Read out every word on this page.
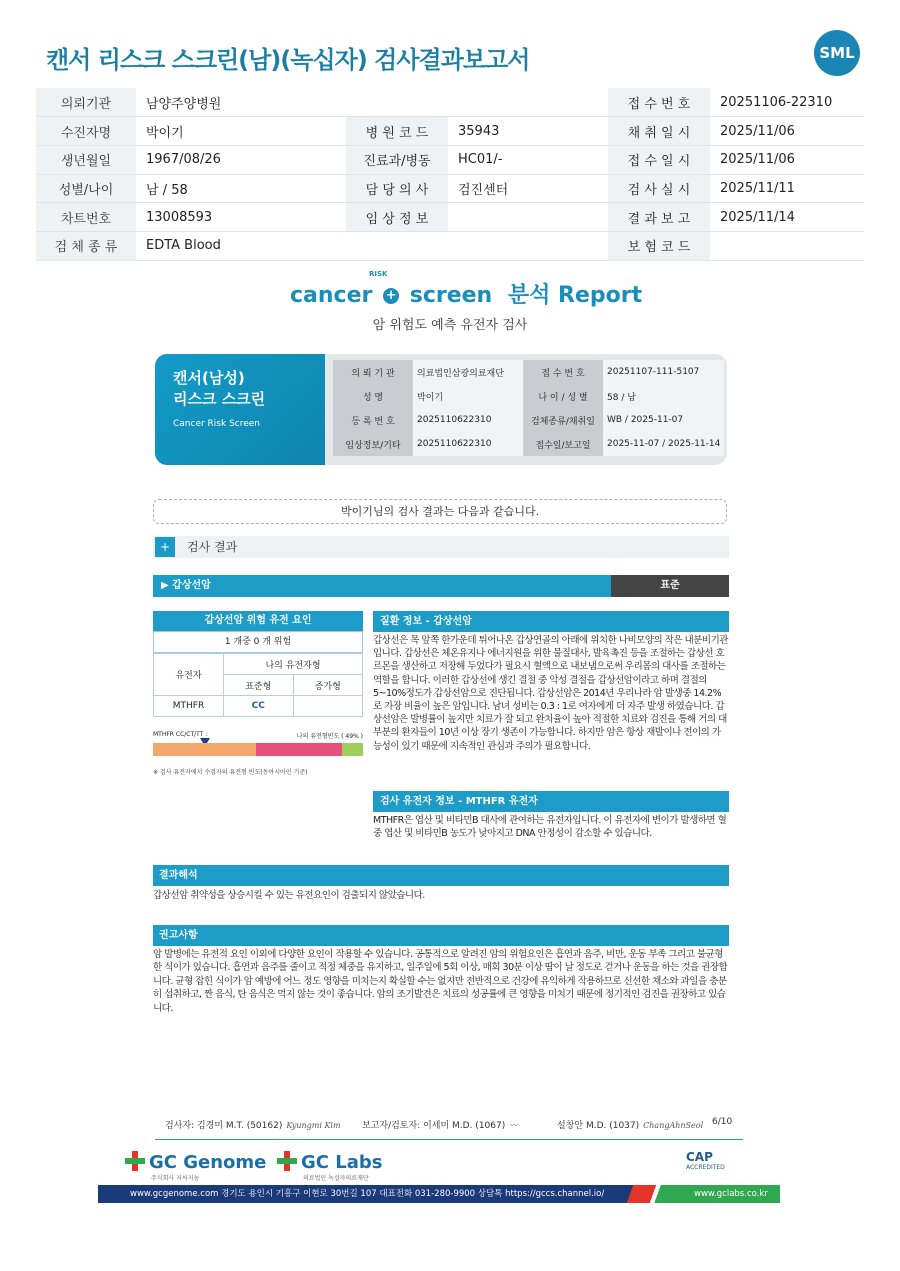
캔서 리스크 스크린(남)(녹십자) 검사결과보고서	SML
의뢰기관	남양주양병원			접 수 번 호	20251106-22310
수진자명	박이기	병 원 코 드	35943	채 취 일 시	2025/11/06
생년월일	1967/08/26	진료과/병동	HC01/-	접 수 일 시	2025/11/06
성별/나이	남 / 58	담 당 의 사	검진센터	검 사 실 시	2025/11/11
차트번호	13008593	임 상 정 보		결 과 보 고	2025/11/14
검 체 종 류	EDTA Blood			보 험 코 드	
cancer
RISK
+ screen 분석 Report
암 위험도 예측 유전자 검사
캔서(남성)
리스크 스크린
Cancer Risk Screen
의 뢰 기 관	의료법인삼광의료재단	접 수 번 호	20251107-111-5107
성 명	박이기	나 이 / 성 별	58 / 남
등 록 번 호	2025110622310	검체종류/채취일	WB / 2025-11-07
임상정보/기타	2025110622310	접수일/보고일	2025-11-07 / 2025-11-14
박이기님의 검사 결과는 다음과 같습니다.
+ 검사 결과
▶ 갑상선암	표준
갑상선암 위험 유전 요인
1 개중 0 개 위험
유전자	나의 유전자형	
	표준형	증가형
MTHFR	CC	
MTHFR CC/CT/TT :	나의 유전형빈도 ( 49% )
※ 검사 유전자에서 수검자의 유전형 빈도(동아시아인 기준)
질환 정보 - 갑상선암
갑상선은 목 앞쪽 한가운데 튀어나온 갑상연골의 아래에 위치한 나비모양의 작은 내분비기관입니다. 갑상선은 체온유지나 에너지원을 위한 물질대사, 발육촉진 등을 조절하는 갑상선 호르몬을 생산하고 저장해 두었다가 필요시 혈액으로 내보냄으로써 우리몸의 대사를 조절하는 역할을 합니다. 이러한 갑상선에 생긴 결절 중 악성 결절을 갑상선암이라고 하며 결절의 5~10%정도가 갑상선암으로 진단됩니다. 갑상선암은 2014년 우리나라 암 발생중 14.2%로 가장 비율이 높은 암입니다. 남녀 성비는 0.3 : 1로 여자에게 더 자주 발생 하였습니다. 갑상선암은 발병률이 높지만 치료가 잘 되고 완치율이 높아 적절한 치료와 검진을 통해 거의 대부분의 환자들이 10년 이상 장기 생존이 가능합니다. 하지만 암은 항상 재발이나 전이의 가능성이 있기 때문에 지속적인 관심과 주의가 필요합니다.
검사 유전자 정보 - MTHFR 유전자
MTHFR은 엽산 및 비타민B 대사에 관여하는 유전자입니다. 이 유전자에 변이가 발생하면 혈중 엽산 및 비타민B 농도가 낮아지고 DNA 안정성이 감소할 수 있습니다.
결과해석
갑상선암 취약성을 상승시킬 수 있는 유전요인이 검출되지 않았습니다.
권고사항
암 발병에는 유전적 요인 이외에 다양한 요인이 작용할 수 있습니다. 공통적으로 알려진 암의 위험요인은 흡연과 음주, 비만, 운동 부족 그리고 불균형한 식이가 있습니다. 흡연과 음주를 줄이고 적정 체중을 유지하고, 일주일에 5회 이상, 매회 30분 이상 땀이 날 정도로 걷거나 운동을 하는 것을 권장합니다. 균형 잡힌 식이가 암 예방에 어느 정도 영향을 미치는지 확실할 수는 없지만 전반적으로 건강에 유익하게 작용하므로 신선한 채소와 과일을 충분히 섭취하고, 짠 음식, 탄 음식은 먹지 않는 것이 좋습니다. 암의 조기발견은 치료의 성공률에 큰 영향을 미치기 때문에 정기적인 검진을 권장하고 있습니다.
검사자: 김경미 M.T. (50162) Kyungmi Kim 보고자/검토자: 이세미 M.D. (1067) 〰	설창안 M.D. (1037) ChangAhnSeol 6/10
GC Genome
주식회사 지씨지놈
GC Labs
의료법인 녹십자의료재단
CAP
ACCREDITED
www.gcgenome.com 경기도 용인시 기흥구 이현로 30번길 107 대표전화 031-280-9900 상담톡 https://gccs.channel.io/	www.gclabs.co.kr
